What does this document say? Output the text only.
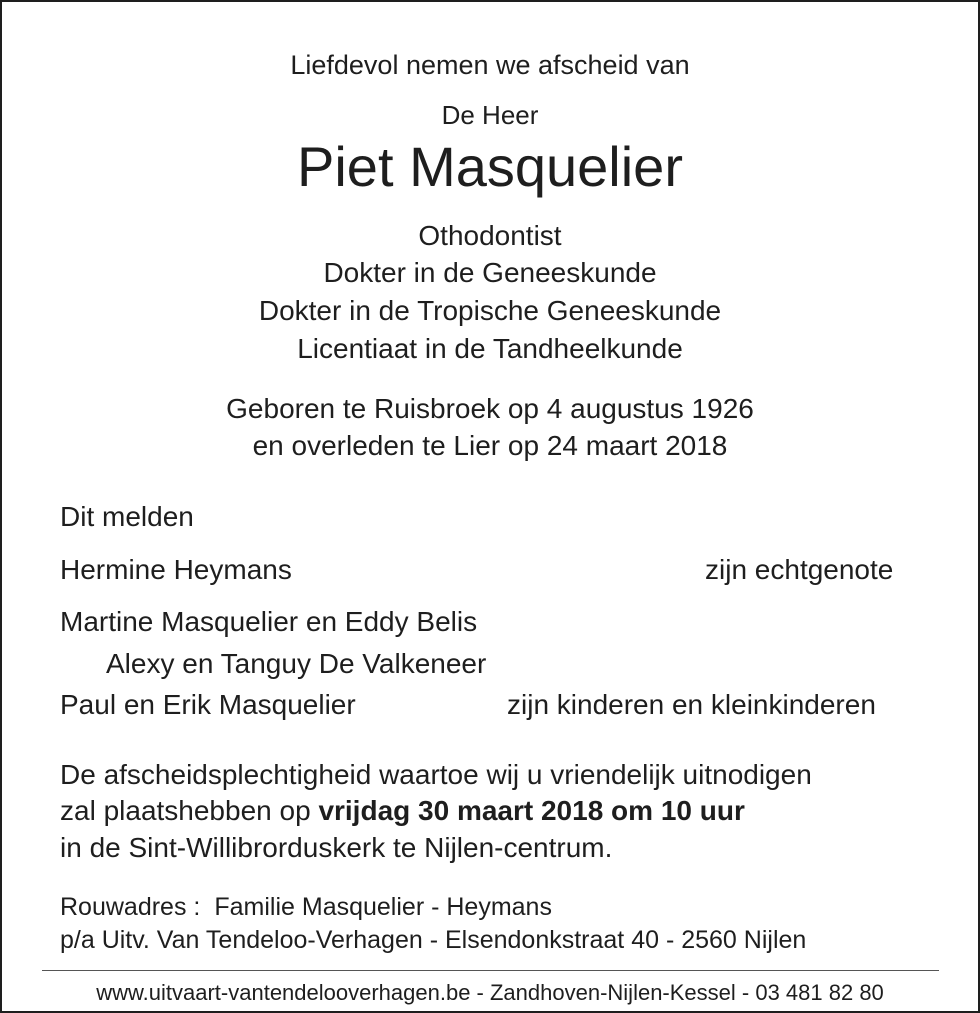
Liefdevol nemen we afscheid van
De Heer
Piet Masquelier
Othodontist
Dokter in de Geneeskunde
Dokter in de Tropische Geneeskunde
Licentiaat in de Tandheelkunde
Geboren te Ruisbroek op 4 augustus 1926
en overleden te Lier op 24 maart 2018
Dit melden
Hermine Heymans	zijn echtgenote
Martine Masquelier en Eddy Belis
Alexy en Tanguy De Valkeneer
Paul en Erik Masquelier	zijn kinderen en kleinkinderen
De afscheidsplechtigheid waartoe wij u vriendelijk uitnodigen
zal plaatshebben op vrijdag 30 maart 2018 om 10 uur
in de Sint-Willibrorduskerk te Nijlen-centrum.
Rouwadres : Familie Masquelier - Heymans
p/a Uitv. Van Tendeloo-Verhagen - Elsendonkstraat 40 - 2560 Nijlen
www.uitvaart-vantendelooverhagen.be - Zandhoven-Nijlen-Kessel - 03 481 82 80
